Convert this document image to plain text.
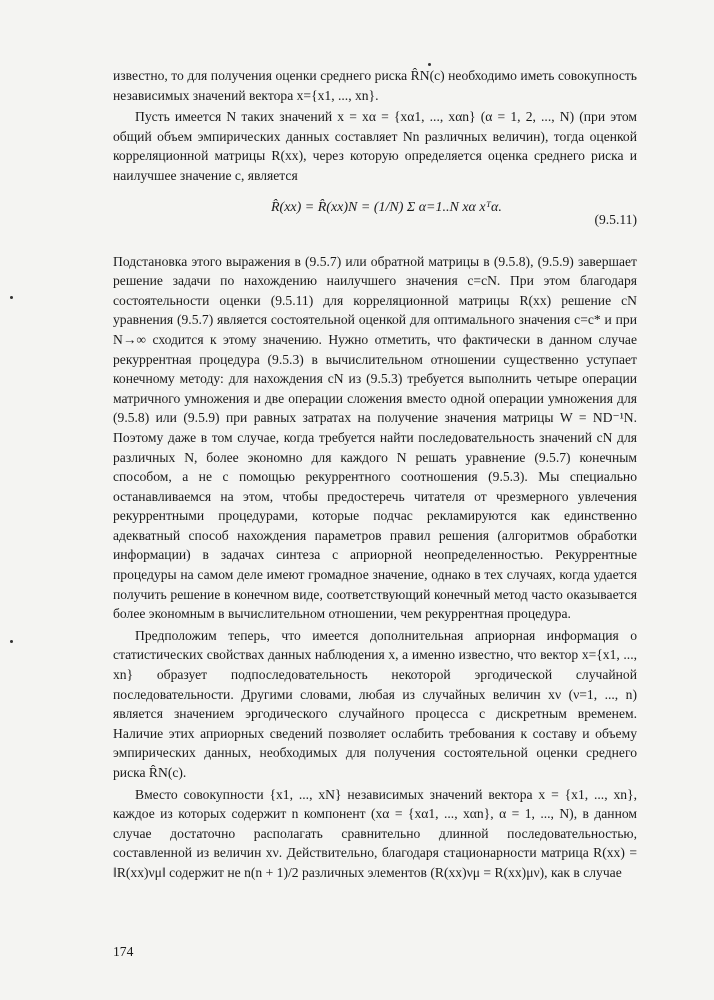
известно, то для получения оценки среднего риска R̂N(c) необходимо иметь совокупность независимых значений вектора x={x1, ..., xn}.

Пусть имеется N таких значений x = xα = {xα1, ..., xαn} (α = 1, 2, ..., N) (при этом общий объем эмпирических данных составляет Nn различных величин), тогда оценкой корреляционной матрицы R(xx), через которую определяется оценка среднего риска и наилучшее значение c, является

R̂(xx) = R̂(xx)N = (1/N) Σ α=1..N xα xᵀα.
(9.5.11)

Подстановка этого выражения в (9.5.7) или обратной матрицы в (9.5.8), (9.5.9) завершает решение задачи по нахождению наилучшего значения c=cN. При этом благодаря состоятельности оценки (9.5.11) для корреляционной матрицы R(xx) решение cN уравнения (9.5.7) является состоятельной оценкой для оптимального значения c=c* и при N→∞ сходится к этому значению. Нужно отметить, что фактически в данном случае рекуррентная процедура (9.5.3) в вычислительном отношении существенно уступает конечному методу: для нахождения cN из (9.5.3) требуется выполнить четыре операции матричного умножения и две операции сложения вместо одной операции умножения для (9.5.8) или (9.5.9) при равных затратах на получение значения матрицы W = ND⁻¹N. Поэтому даже в том случае, когда требуется найти последовательность значений cN для различных N, более экономно для каждого N решать уравнение (9.5.7) конечным способом, а не с помощью рекуррентного соотношения (9.5.3). Мы специально останавливаемся на этом, чтобы предостеречь читателя от чрезмерного увлечения рекуррентными процедурами, которые подчас рекламируются как единственно адекватный способ нахождения параметров правил решения (алгоритмов обработки информации) в задачах синтеза с априорной неопределенностью. Рекуррентные процедуры на самом деле имеют громадное значение, однако в тех случаях, когда удается получить решение в конечном виде, соответствующий конечный метод часто оказывается более экономным в вычислительном отношении, чем рекуррентная процедура.

Предположим теперь, что имеется дополнительная априорная информация о статистических свойствах данных наблюдения x, а именно известно, что вектор x={x1, ..., xn} образует подпоследовательность некоторой эргодической случайной последовательности. Другими словами, любая из случайных величин xν (ν=1, ..., n) является значением эргодического случайного процесса с дискретным временем. Наличие этих априорных сведений позволяет ослабить требования к составу и объему эмпирических данных, необходимых для получения состоятельной оценки среднего риска R̂N(c).

Вместо совокупности {x1, ..., xN} независимых значений вектора x = {x1, ..., xn}, каждое из которых содержит n компонент (xα = {xα1, ..., xαn}, α = 1, ..., N), в данном случае достаточно располагать сравнительно длинной последовательностью, составленной из величин xν. Действительно, благодаря стационарности матрица R(xx) = ‖R(xx)νμ‖ содержит не n(n + 1)/2 различных элементов (R(xx)νμ = R(xx)μν), как в случае

174
